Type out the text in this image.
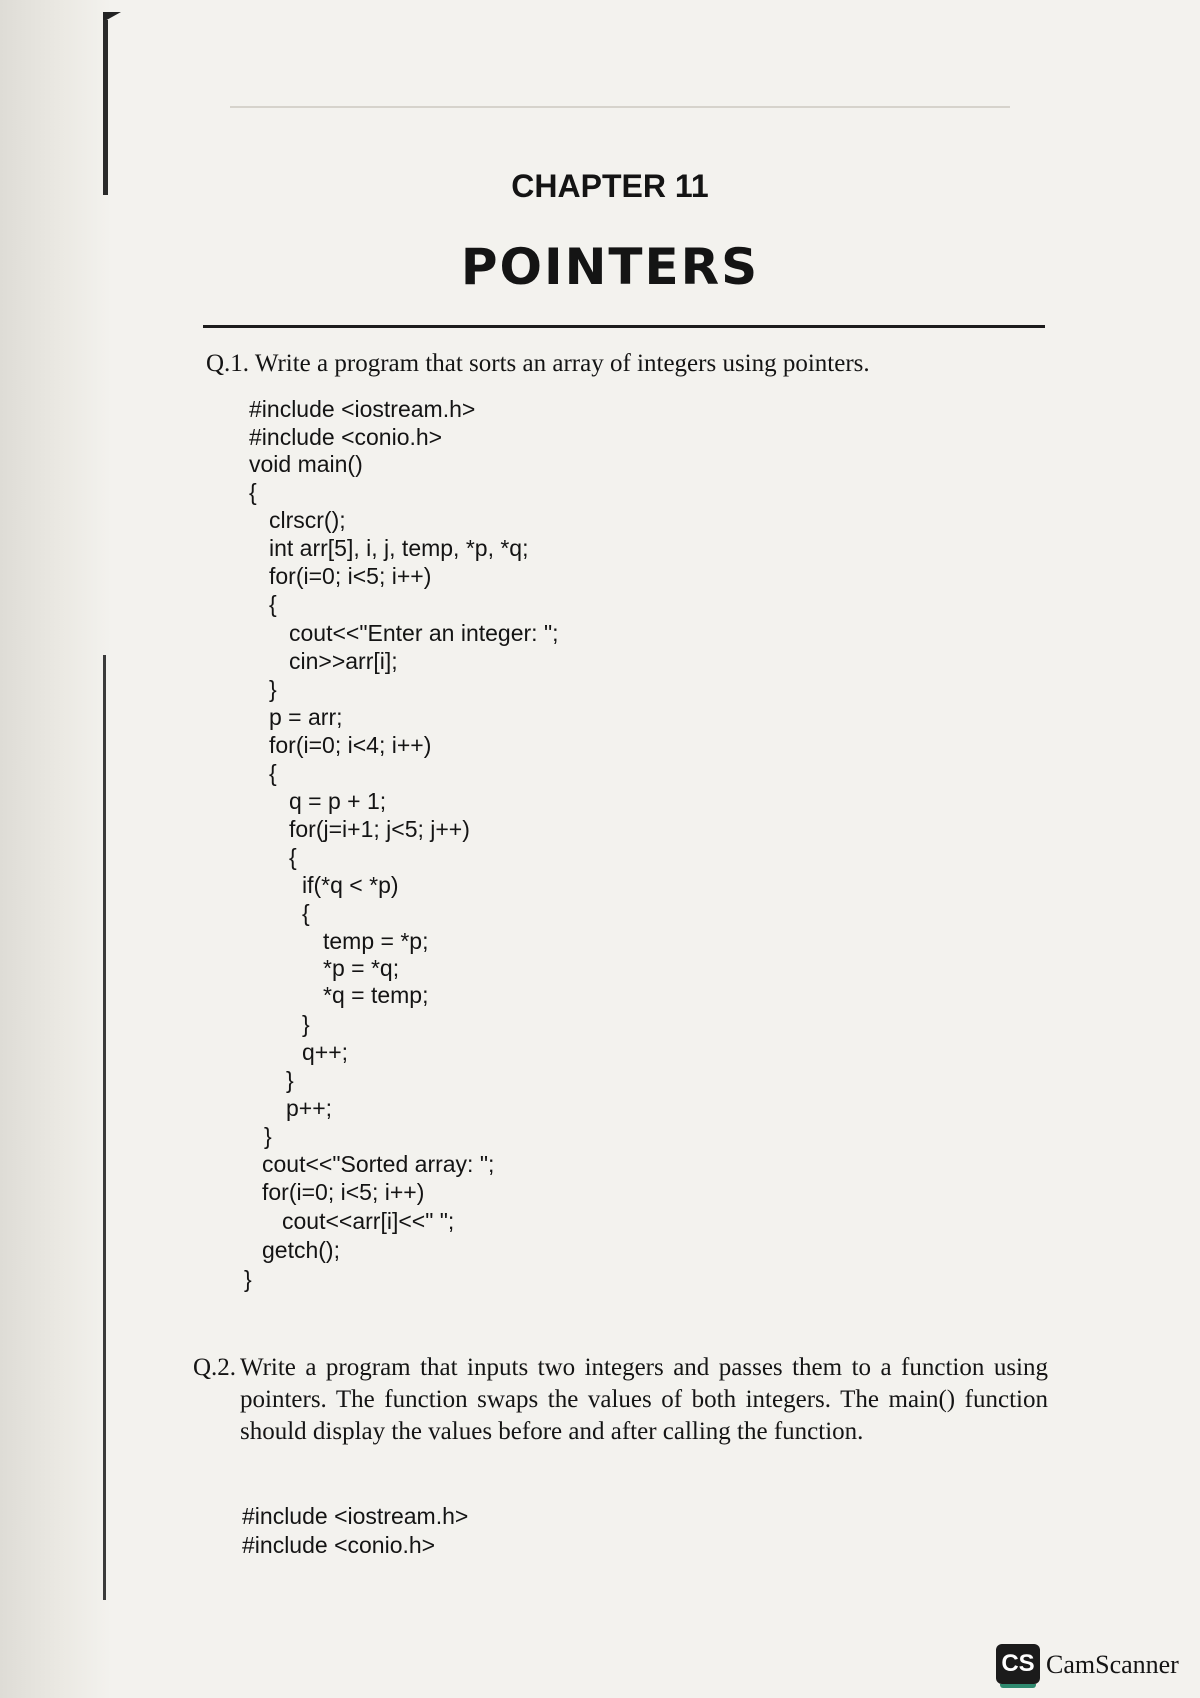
CHAPTER 11
POINTERS
Q.1. Write a program that sorts an array of integers using pointers.
#include <iostream.h>
#include <conio.h>
void main()
{
clrscr();
int arr[5], i, j, temp, *p, *q;
for(i=0; i<5; i++)
{
cout<<"Enter an integer: ";
cin>>arr[i];
}
p = arr;
for(i=0; i<4; i++)
{
q = p + 1;
for(j=i+1; j<5; j++)
{
if(*q < *p)
{
temp = *p;
*p = *q;
*q = temp;
}
q++;
}
p++;
}
cout<<"Sorted array: ";
for(i=0; i<5; i++)
cout<<arr[i]<<" ";
getch();
}
Q.2. Write a program that inputs two integers and passes them to a function using pointers. The function swaps the values of both integers. The main() function should display the values before and after calling the function.
#include <iostream.h>
#include <conio.h>
CS CamScanner
